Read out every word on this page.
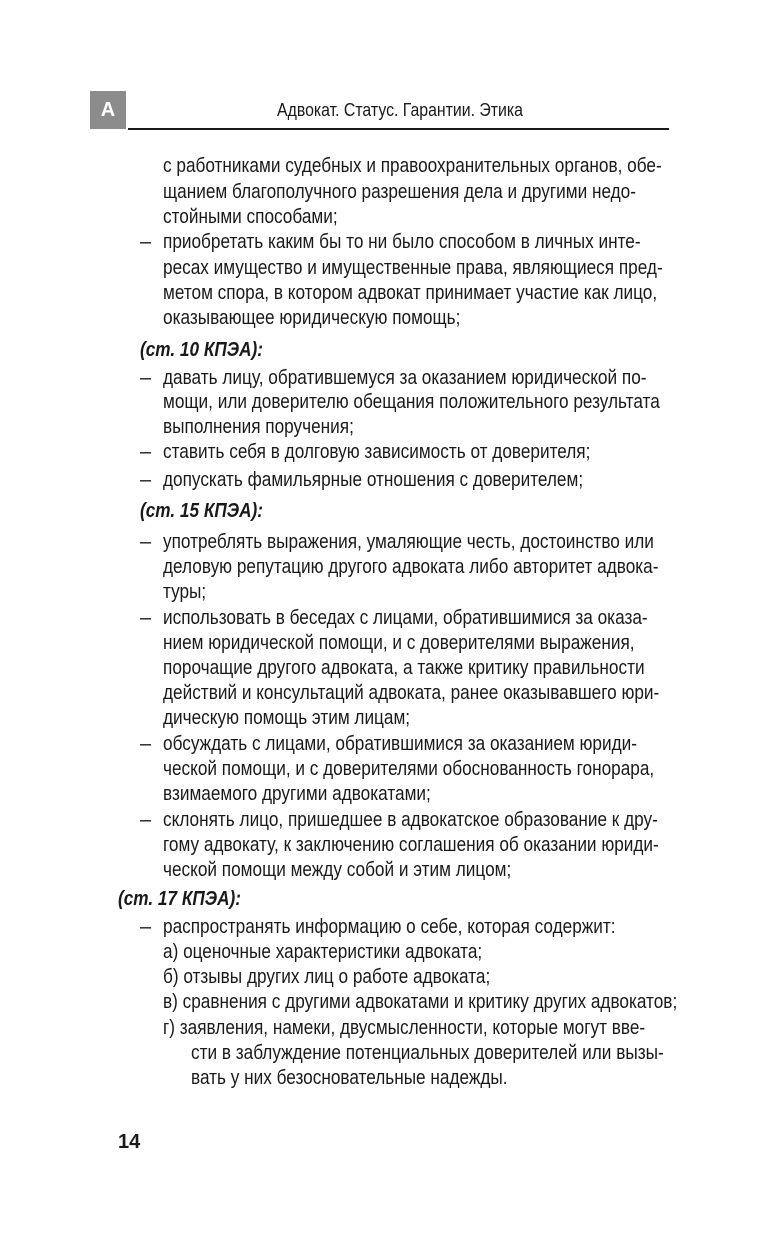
А	Адвокат. Статус. Гарантии. Этика
–
–
–
–
–
–
–
–
–
с работниками судебных и правоохранительных органов, обе-
щанием благополучного разрешения дела и другими недо-
стойными способами;
приобретать каким бы то ни было способом в личных инте-
ресах имущество и имущественные права, являющиеся пред-
метом спора, в котором адвокат принимает участие как лицо,
оказывающее юридическую помощь;
(ст. 10 КПЭА):
давать лицу, обратившемуся за оказанием юридической по-
мощи, или доверителю обещания положительного результата
выполнения поручения;
ставить себя в долговую зависимость от доверителя;
допускать фамильярные отношения с доверителем;
(ст. 15 КПЭА):
употреблять выражения, умаляющие честь, достоинство или
деловую репутацию другого адвоката либо авторитет адвока-
туры;
использовать в беседах с лицами, обратившимися за оказа-
нием юридической помощи, и с доверителями выражения,
порочащие другого адвоката, а также критику правильности
действий и консультаций адвоката, ранее оказывавшего юри-
дическую помощь этим лицам;
обсуждать с лицами, обратившимися за оказанием юриди-
ческой помощи, и с доверителями обоснованность гонорара,
взимаемого другими адвокатами;
склонять лицо, пришедшее в адвокатское образование к дру-
гому адвокату, к заключению соглашения об оказании юриди-
ческой помощи между собой и этим лицом;
(ст. 17 КПЭА):
распространять информацию о себе, которая содержит:
а) оценочные характеристики адвоката;
б) отзывы других лиц о работе адвоката;
в) сравнения с другими адвокатами и критику других адвокатов;
г) заявления, намеки, двусмысленности, которые могут вве-
сти в заблуждение потенциальных доверителей или вызы-
вать у них безосновательные надежды.
14
